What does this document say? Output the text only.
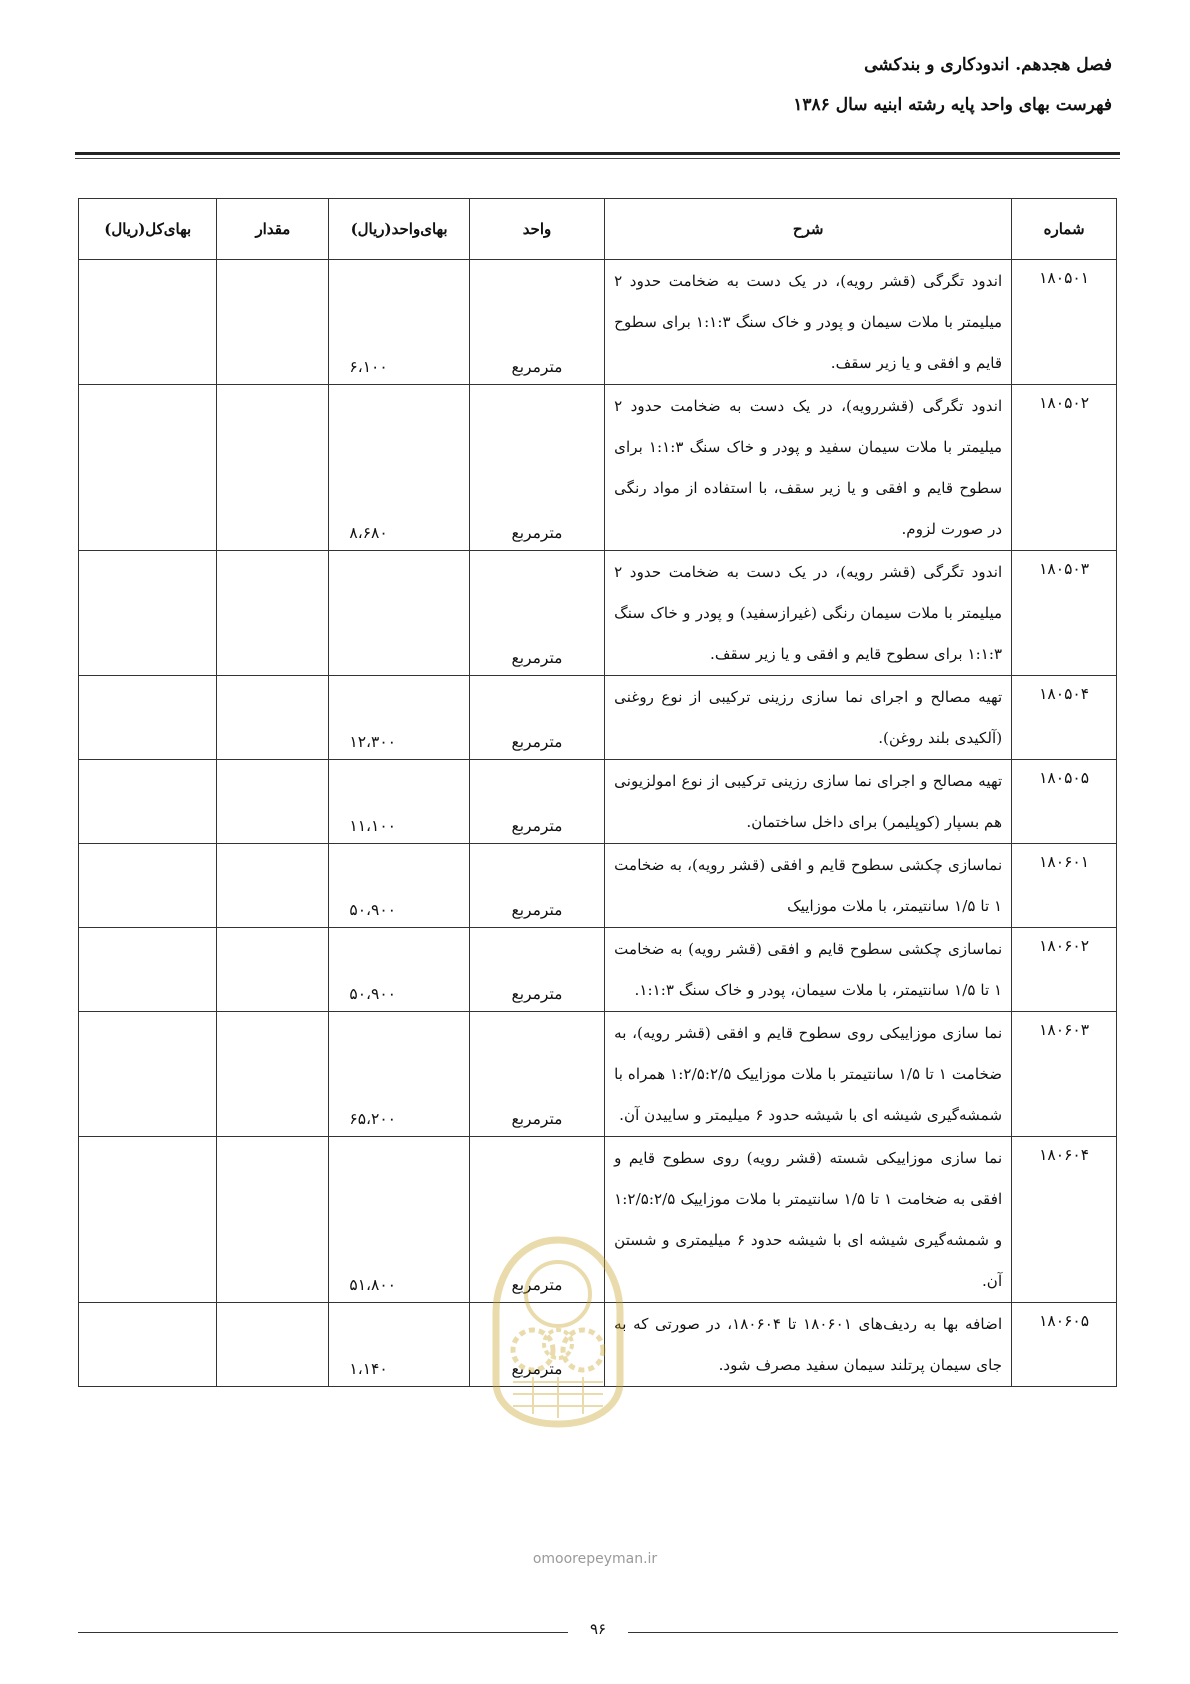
فصل هجدهم. اندودکاری و بندکشی

فهرست بهای واحد پایه رشته ابنیه سال ۱۳۸۶

شماره	شرح	واحد	بهای‌واحد(ریال)	مقدار	بهای‌کل(ریال)
۱۸۰۵۰۱	اندود تگرگی (قشر رویه)، در یک دست به ضخامت حدود ۲ میلیمتر با ملات سیمان و پودر و خاک سنگ ۱:۱:۳ برای سطوح قایم و افقی و یا زیر سقف.	مترمربع	۶،۱۰۰		
۱۸۰۵۰۲	اندود تگرگی (قشررویه)، در یک دست به ضخامت حدود ۲ میلیمتر با ملات سیمان سفید و پودر و خاک سنگ ۱:۱:۳ برای سطوح قایم و افقی و یا زیر سقف، با استفاده از مواد رنگی در صورت لزوم.	مترمربع	۸،۶۸۰		
۱۸۰۵۰۳	اندود تگرگی (قشر رویه)، در یک دست به ضخامت حدود ۲ میلیمتر با ملات سیمان رنگی (غیرازسفید) و پودر و خاک سنگ ۱:۱:۳ برای سطوح قایم و افقی و یا زیر سقف.	مترمربع			
۱۸۰۵۰۴	تهیه مصالح و اجرای نما سازی رزینی ترکیبی از نوع روغنی (آلکیدی بلند روغن).	مترمربع	۱۲،۳۰۰		
۱۸۰۵۰۵	تهیه مصالح و اجرای نما سازی رزینی ترکیبی از نوع امولزیونی هم بسپار (کوپلیمر) برای داخل ساختمان.	مترمربع	۱۱،۱۰۰		
۱۸۰۶۰۱	نماسازی چکشی سطوح قایم و افقی (قشر رویه)، به ضخامت ۱ تا ۱/۵ سانتیمتر، با ملات موزاییک	مترمربع	۵۰،۹۰۰		
۱۸۰۶۰۲	نماسازی چکشی سطوح قایم و افقی (قشر رویه) به ضخامت ۱ تا ۱/۵ سانتیمتر، با ملات سیمان، پودر و خاک سنگ ۱:۱:۳.	مترمربع	۵۰،۹۰۰		
۱۸۰۶۰۳	نما سازی موزاییکی روی سطوح قایم و افقی (قشر رویه)، به ضخامت ۱ تا ۱/۵ سانتیمتر با ملات موزاییک ۱:۲/۵:۲/۵ همراه با شمشه‌گیری شیشه ای با شیشه حدود ۶ میلیمتر و ساییدن آن.	مترمربع	۶۵،۲۰۰		
۱۸۰۶۰۴	نما سازی موزاییکی شسته (قشر رویه) روی سطوح قایم و افقی به ضخامت ۱ تا ۱/۵ سانتیمتر با ملات موزاییک ۱:۲/۵:۲/۵ و شمشه‌گیری شیشه ای با شیشه حدود ۶ میلیمتری و شستن آن.	مترمربع	۵۱،۸۰۰		
۱۸۰۶۰۵	اضافه بها به ردیف‌های ۱۸۰۶۰۱ تا ۱۸۰۶۰۴، در صورتی که به جای سیمان پرتلند سیمان سفید مصرف شود.	مترمربع	۱،۱۴۰		
omoorepeyman.ir
۹۶
